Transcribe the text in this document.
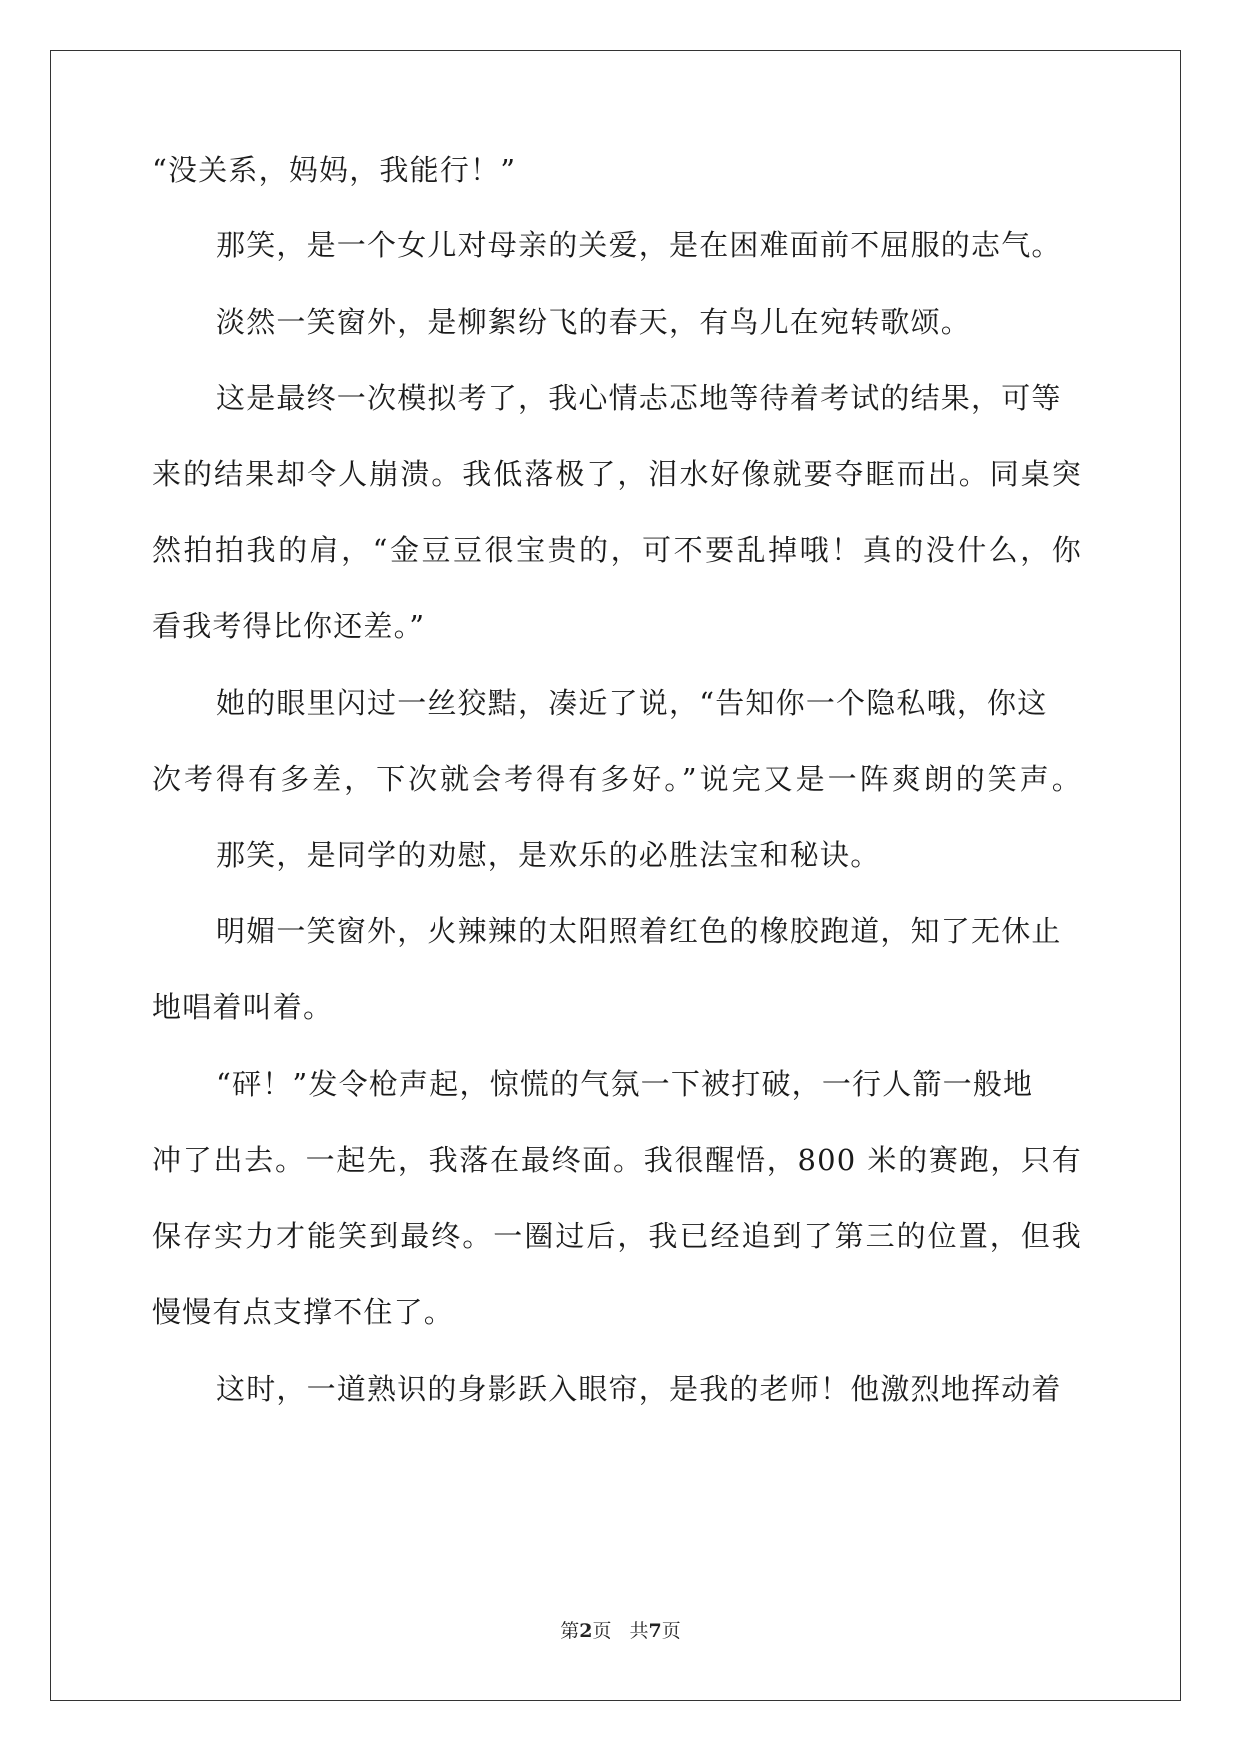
“没关系，妈妈，我能行！”
那笑，是一个女儿对母亲的关爱，是在困难面前不屈服的志气。
淡然一笑窗外，是柳絮纷飞的春天，有鸟儿在宛转歌颂。
这是最终一次模拟考了，我心情忐忑地等待着考试的结果，可等
来的结果却令人崩溃。我低落极了，泪水好像就要夺眶而出。同桌突
然拍拍我的肩，“金豆豆很宝贵的，可不要乱掉哦！真的没什么，你
看我考得比你还差。”
她的眼里闪过一丝狡黠，凑近了说，“告知你一个隐私哦，你这
次考得有多差，下次就会考得有多好。”说完又是一阵爽朗的笑声。
那笑，是同学的劝慰，是欢乐的必胜法宝和秘诀。
明媚一笑窗外，火辣辣的太阳照着红色的橡胶跑道，知了无休止
地唱着叫着。
“砰！”发令枪声起，惊慌的气氛一下被打破，一行人箭一般地
冲了出去。一起先，我落在最终面。我很醒悟，800 米的赛跑，只有
保存实力才能笑到最终。一圈过后，我已经追到了第三的位置，但我
慢慢有点支撑不住了。
这时，一道熟识的身影跃入眼帘，是我的老师！他激烈地挥动着
第2页 共7页
